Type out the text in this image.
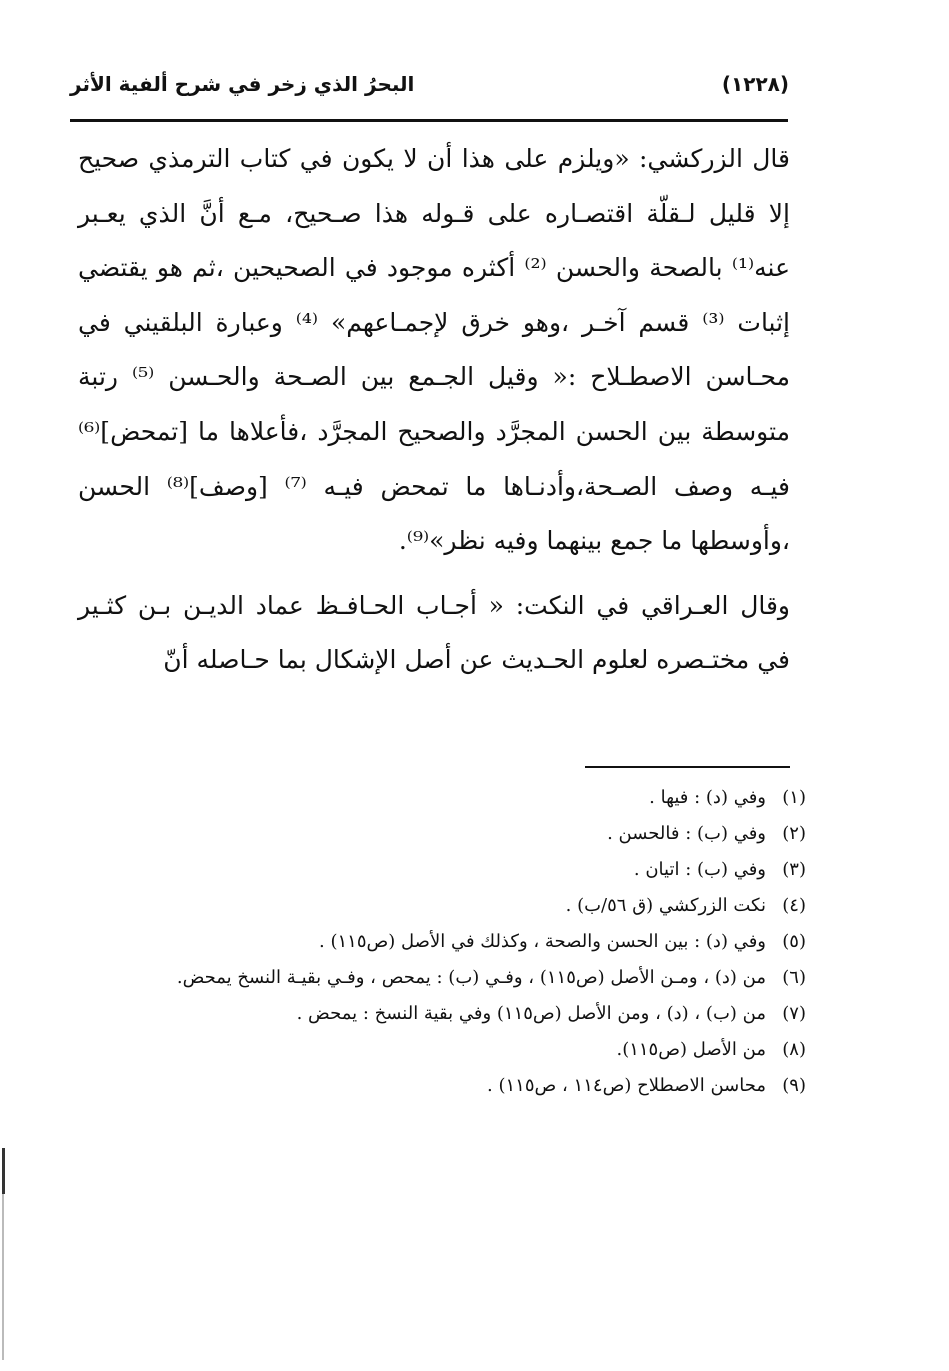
(١٢٢٨)
البحرُ الذي زخر في شرح ألفية الأثر

قال الزركشي: «ويلزم على هذا أن لا يكون في كتاب الترمذي صحيح إلا قليل لـقلّة اقتصـاره على قـوله هذا صـحيح، مـع أنَّ الذي يعـبر عنه⁽¹⁾ بالصحة والحسن ⁽²⁾ أكثره موجود في الصحيحين ،ثم هو يقتضي إثبات ⁽³⁾ قسم آخـر ،وهو خرق لإجمـاعهم» ⁽⁴⁾ وعبارة البلقيني في محـاسن الاصطـلاح :« وقيل الجـمع بين الصـحة والحـسن ⁽⁵⁾ رتبة متوسطة بين الحسن المجرَّد والصحيح المجرَّد ،فأعلاها ما [تمحض]⁽⁶⁾ فيـه وصف الصـحة،وأدنـاها ما تمحض فيـه ⁽⁷⁾ [وصف]⁽⁸⁾ الحسن ،وأوسطها ما جمع بينهما وفيه نظر»⁽⁹⁾.

وقال العـراقي في النكت: « أجـاب الحـافـظ عماد الديـن بـن كثـير في مختـصره لعلوم الحـديث عن أصل الإشكال بما حـاصله أنّ

(١)
وفي (د) : فيها .
(٢)
وفي (ب) : فالحسن .
(٣)
وفي (ب) : اتيان .
(٤)
نكت الزركشي (ق ٥٦/ب) .
(٥)
وفي (د) : بين الحسن والصحة ، وكذلك في الأصل (ص١١٥) .
(٦)
من (د) ، ومـن الأصل (ص١١٥) ، وفـي (ب) : يمحص ، وفـي بقيـة النسخ يمحض.
(٧)
من (ب) ، (د) ، ومن الأصل (ص١١٥) وفي بقية النسخ : يمحض .
(٨)
من الأصل (ص١١٥).
(٩)
محاسن الاصطلاح (ص١١٤ ، ص١١٥) .
